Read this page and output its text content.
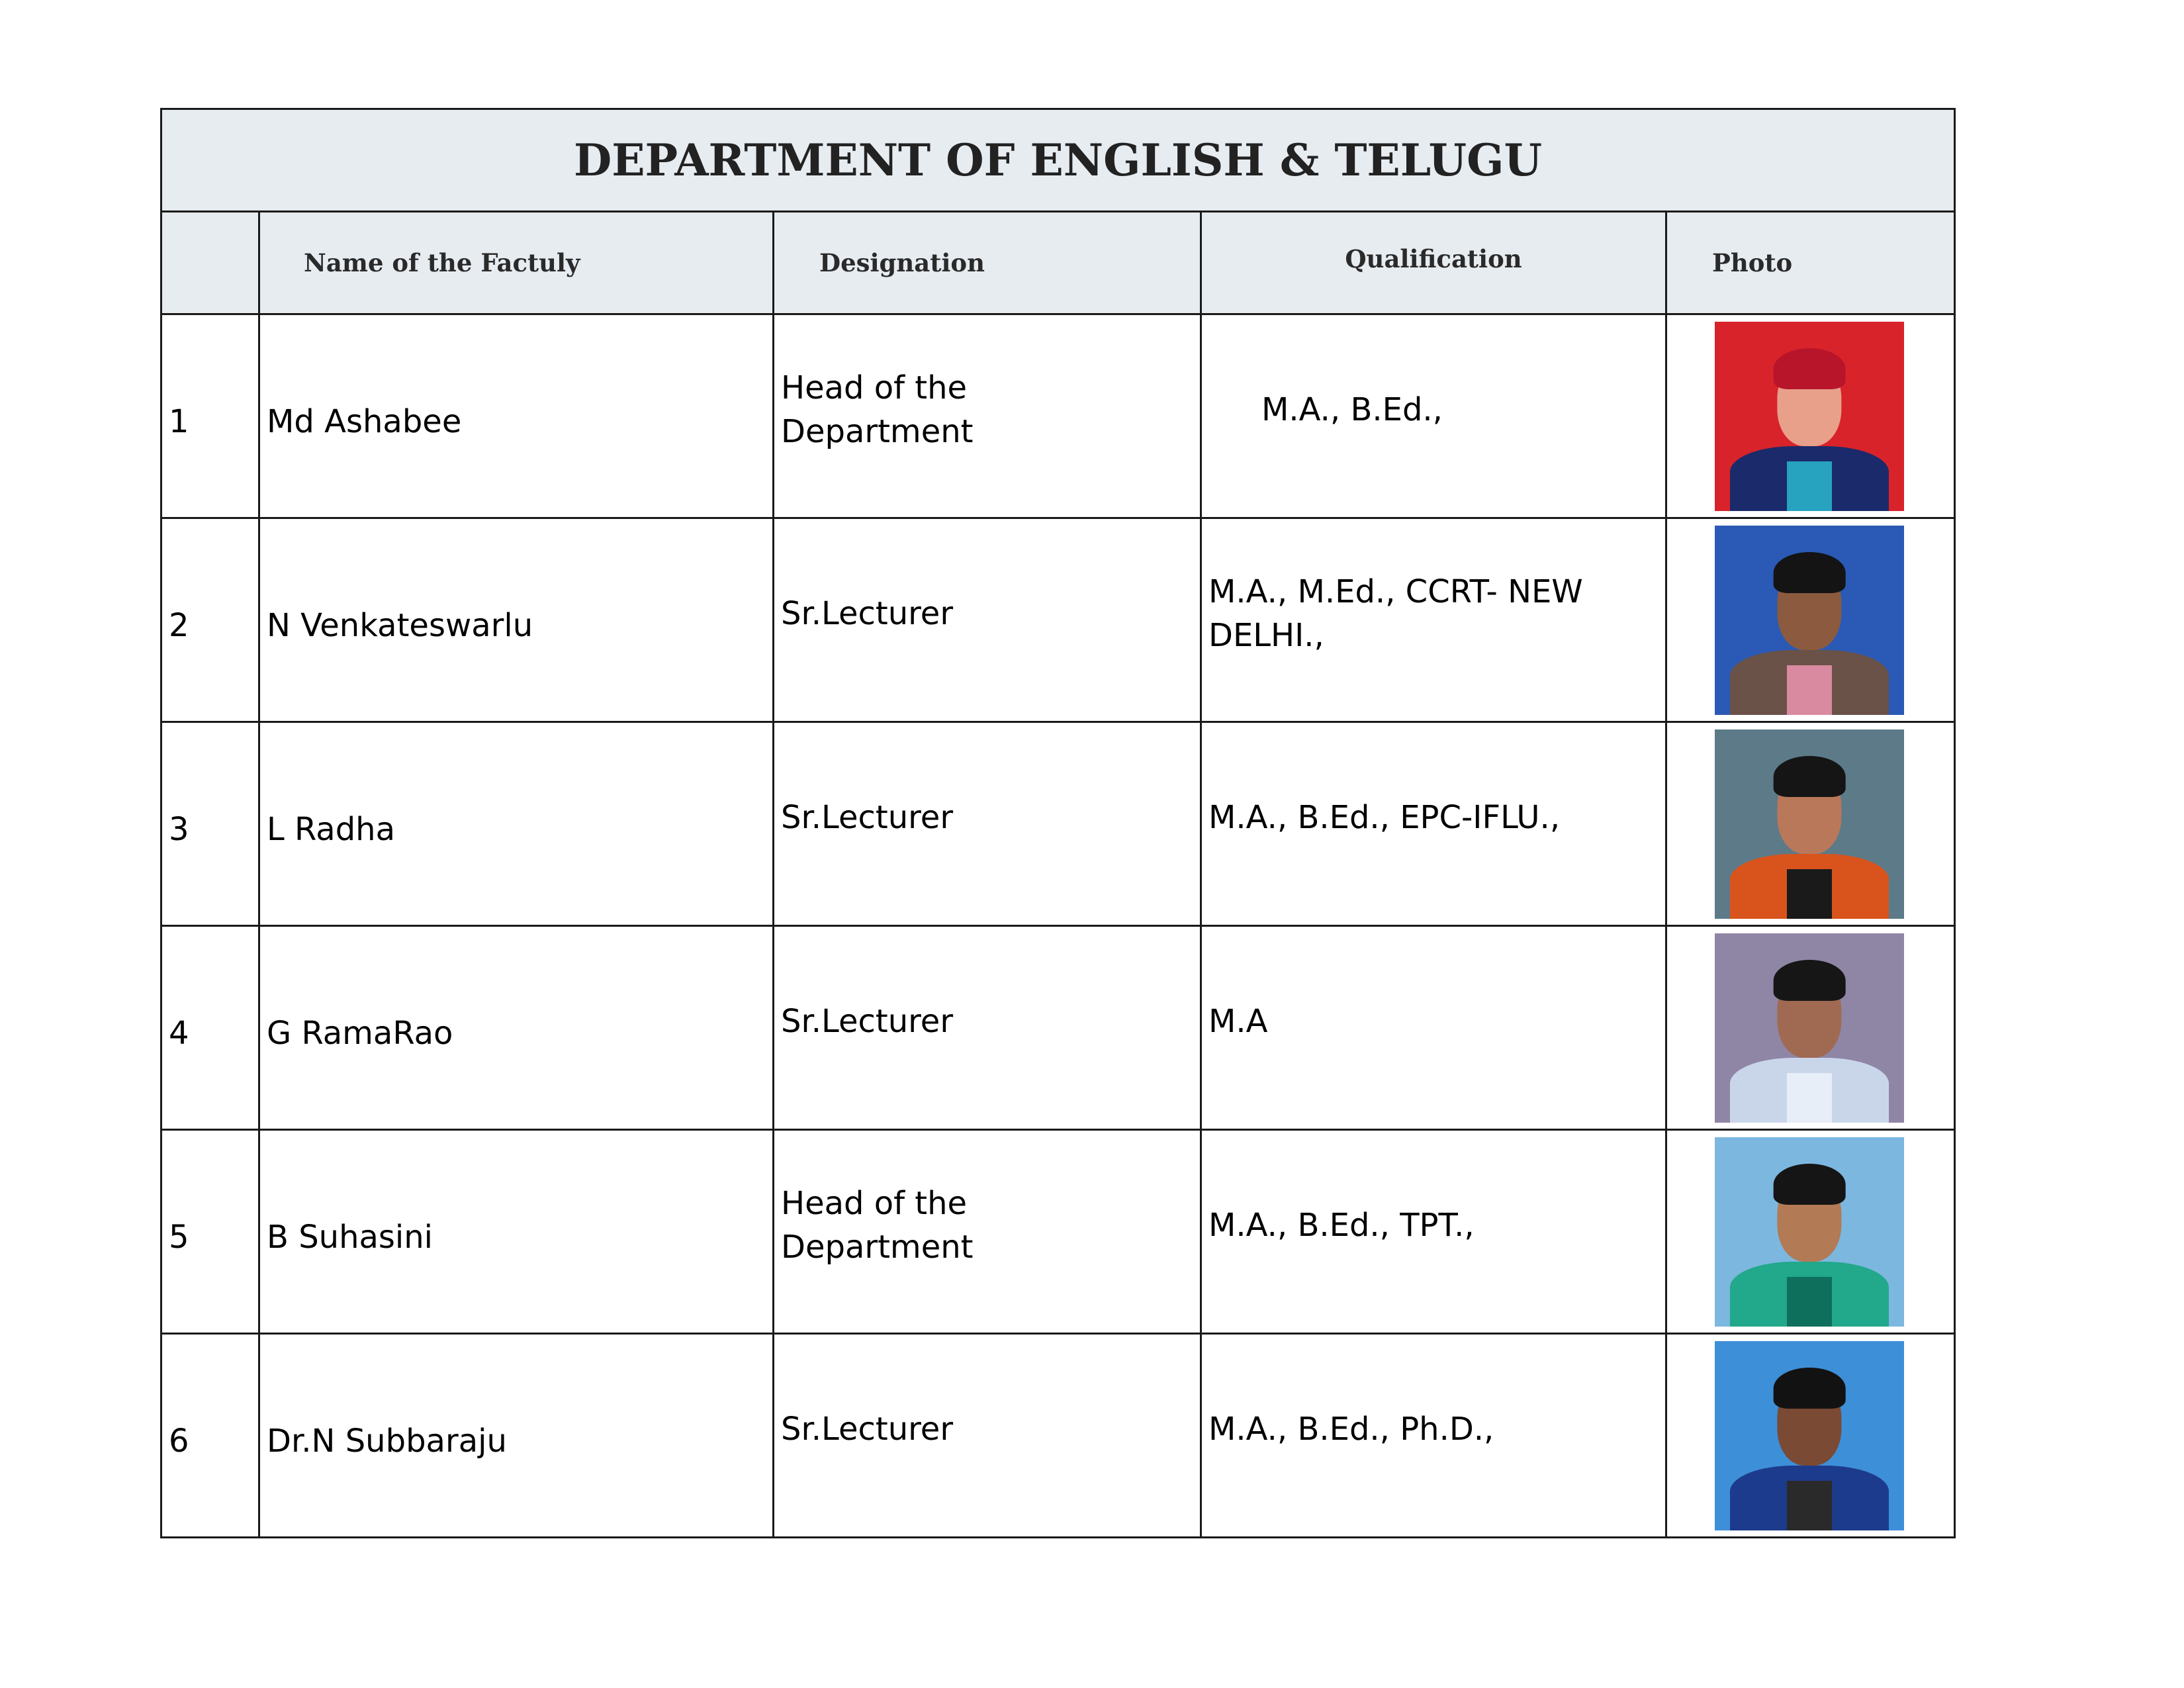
DEPARTMENT OF ENGLISH & TELUGU				

	Name of the Factuly	Designation	Qualification	Photo

1	Md Ashabee	Head of the
Department	M.A., B.Ed.,	

2	N Venkateswarlu	Sr.Lecturer	M.A., M.Ed., CCRT- NEW
DELHI.,	

3	L Radha	Sr.Lecturer	M.A., B.Ed., EPC-IFLU.,	

4	G RamaRao	Sr.Lecturer	M.A	

5	B Suhasini	Head of the
Department	M.A., B.Ed., TPT.,	

6	Dr.N Subbaraju	Sr.Lecturer	M.A., B.Ed., Ph.D.,	
